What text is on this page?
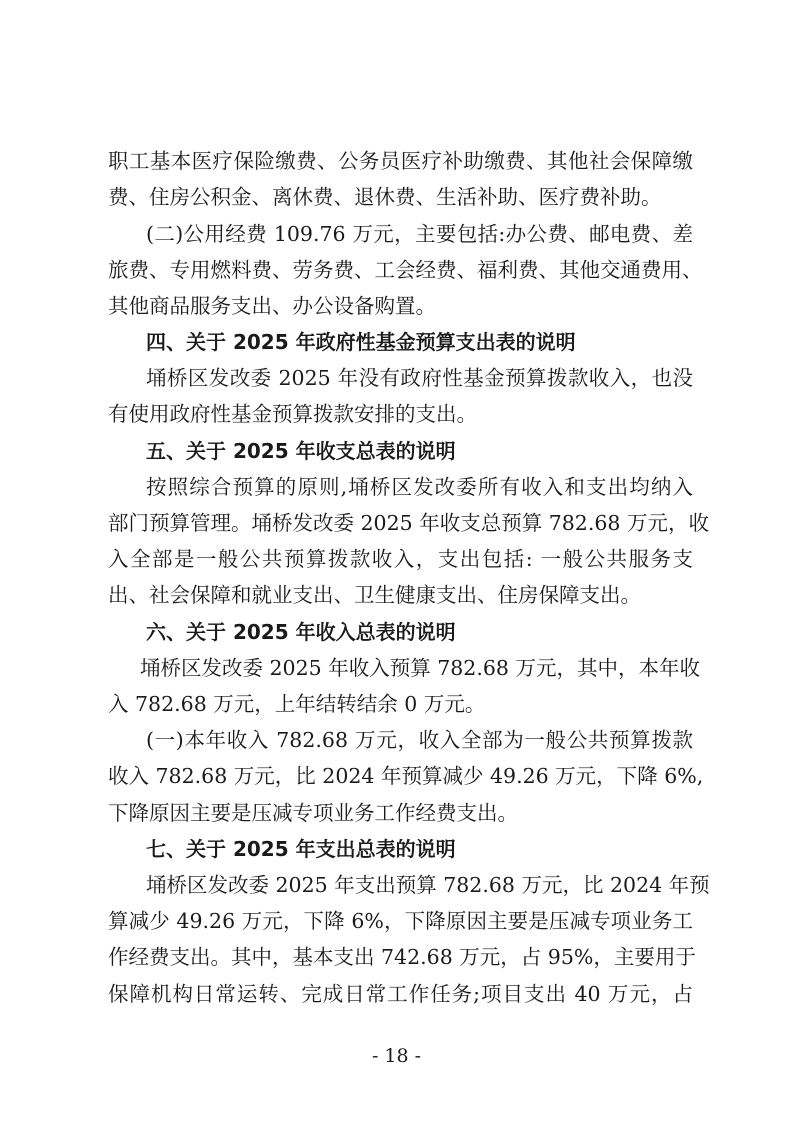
职工基本医疗保险缴费、公务员医疗补助缴费、其他社会保障缴
费、住房公积金、离休费、退休费、生活补助、医疗费补助。
(二)公用经费 109.76 万元，主要包括:办公费、邮电费、差
旅费、专用燃料费、劳务费、工会经费、福利费、其他交通费用、
其他商品服务支出、办公设备购置。
四、关于 2025 年政府性基金预算支出表的说明
埇桥区发改委 2025 年没有政府性基金预算拨款收入，也没
有使用政府性基金预算拨款安排的支出。
五、关于 2025 年收支总表的说明
按照综合预算的原则,埇桥区发改委所有收入和支出均纳入
部门预算管理。埇桥发改委 2025 年收支总预算 782.68 万元，收
入全部是一般公共预算拨款收入，支出包括: 一般公共服务支
出、社会保障和就业支出、卫生健康支出、住房保障支出。
六、关于 2025 年收入总表的说明
埇桥区发改委 2025 年收入预算 782.68 万元，其中，本年收
入 782.68 万元，上年结转结余 0 万元。
(一)本年收入 782.68 万元，收入全部为一般公共预算拨款
收入 782.68 万元，比 2024 年预算减少 49.26 万元，下降 6%,
下降原因主要是压减专项业务工作经费支出。
七、关于 2025 年支出总表的说明
埇桥区发改委 2025 年支出预算 782.68 万元，比 2024 年预
算减少 49.26 万元，下降 6%，下降原因主要是压减专项业务工
作经费支出。其中，基本支出 742.68 万元，占 95%，主要用于
保障机构日常运转、完成日常工作任务;项目支出 40 万元，占
- 18 -
